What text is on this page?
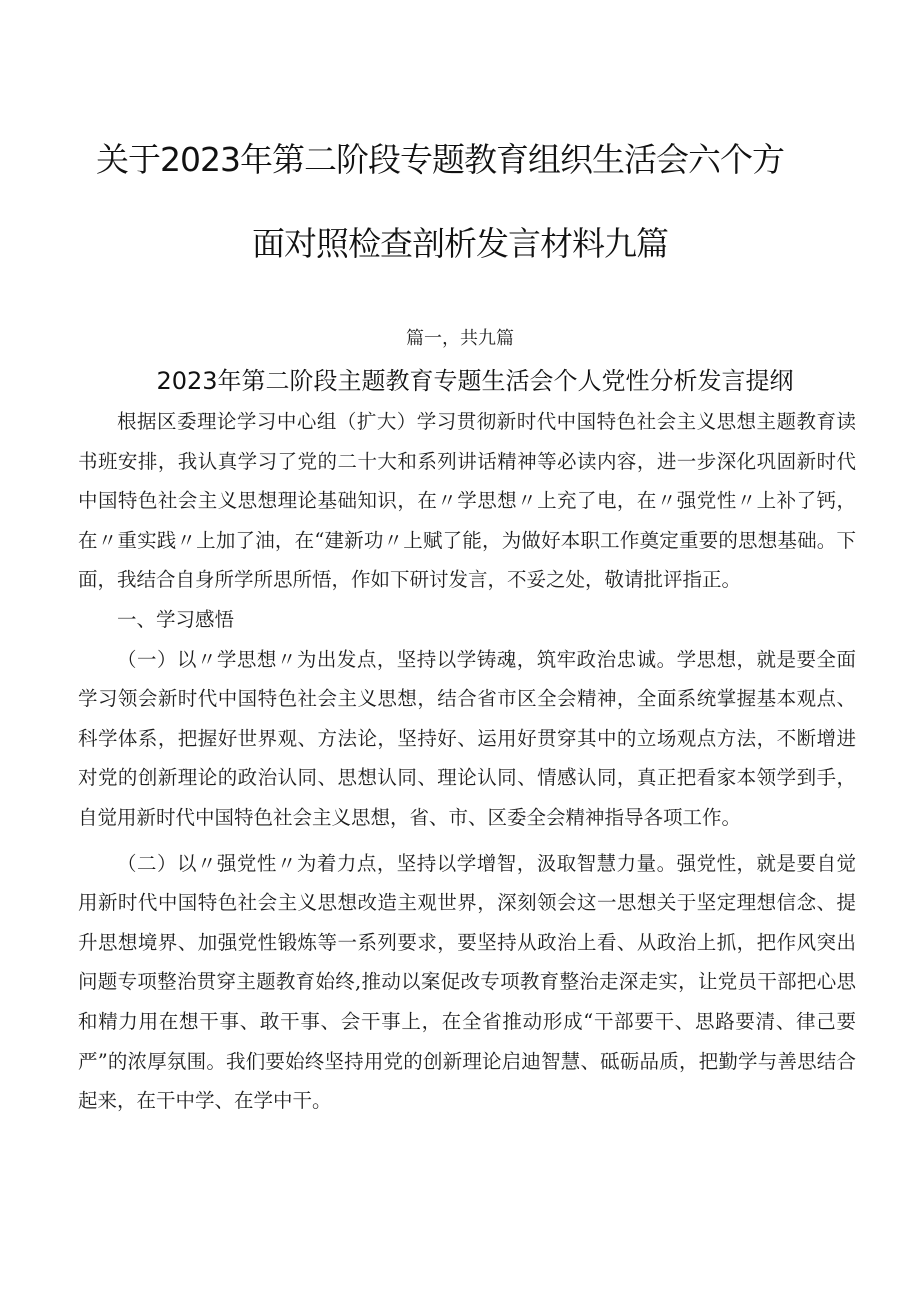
关于2023年第二阶段专题教育组织生活会六个方
面对照检查剖析发言材料九篇
篇一，共九篇
2023年第二阶段主题教育专题生活会个人党性分析发言提纲

根据区委理论学习中心组（扩大）学习贯彻新时代中国特色社会主义思想主题教育读书班安排，我认真学习了党的二十大和系列讲话精神等必读内容，进一步深化巩固新时代中国特色社会主义思想理论基础知识，在〃学思想〃上充了电，在〃强党性〃上补了钙，在〃重实践〃上加了油，在“建新功〃上赋了能，为做好本职工作奠定重要的思想基础。下面，我结合自身所学所思所悟，作如下研讨发言，不妥之处，敬请批评指正。

一、学习感悟

（一）以〃学思想〃为出发点，坚持以学铸魂，筑牢政治忠诚。学思想，就是要全面学习领会新时代中国特色社会主义思想，结合省市区全会精神，全面系统掌握基本观点、科学体系，把握好世界观、方法论，坚持好、运用好贯穿其中的立场观点方法，不断增进对党的创新理论的政治认同、思想认同、理论认同、情感认同，真正把看家本领学到手，自觉用新时代中国特色社会主义思想，省、市、区委全会精神指导各项工作。

（二）以〃强党性〃为着力点，坚持以学增智，汲取智慧力量。强党性，就是要自觉用新时代中国特色社会主义思想改造主观世界，深刻领会这一思想关于坚定理想信念、提升思想境界、加强党性锻炼等一系列要求，要坚持从政治上看、从政治上抓，把作风突出问题专项整治贯穿主题教育始终,推动以案促改专项教育整治走深走实，让党员干部把心思和精力用在想干事、敢干事、会干事上，在全省推动形成“干部要干、思路要清、律己要严”的浓厚氛围。我们要始终坚持用党的创新理论启迪智慧、砥砺品质，把勤学与善思结合起来，在干中学、在学中干。
